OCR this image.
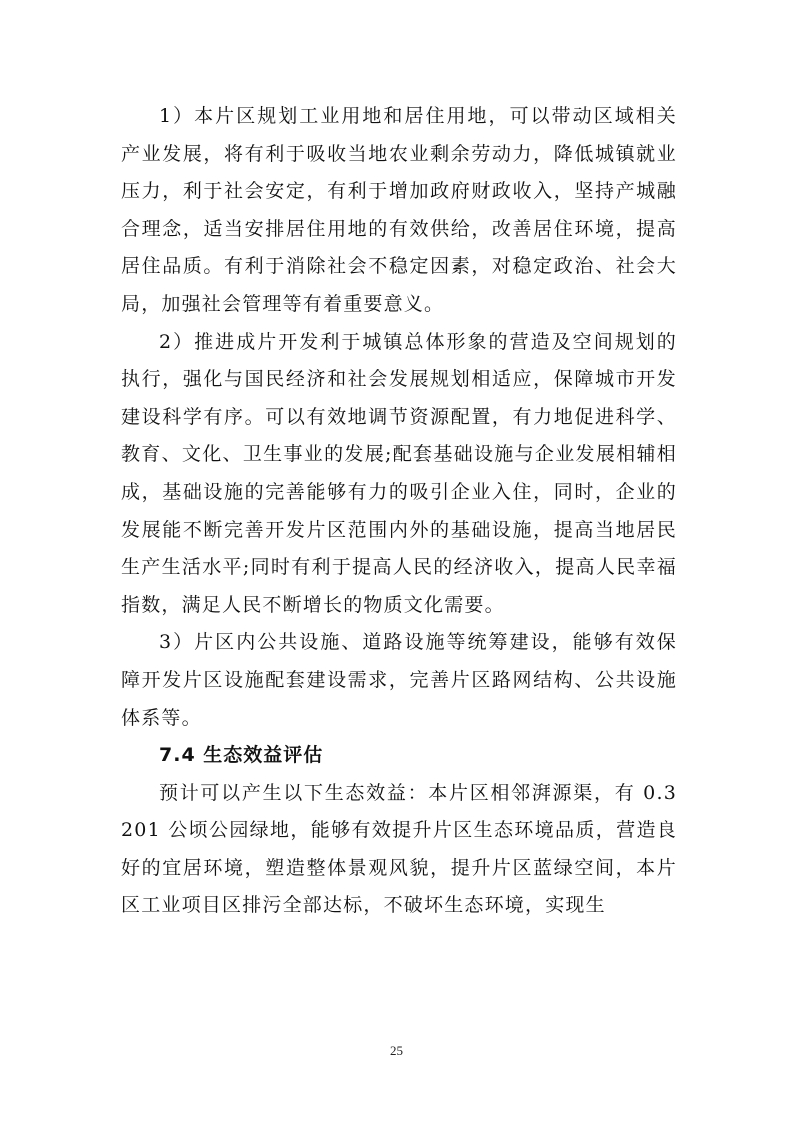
1）本片区规划工业用地和居住用地，可以带动区域相关产业发展，将有利于吸收当地农业剩余劳动力，降低城镇就业压力，利于社会安定，有利于增加政府财政收入，坚持产城融合理念，适当安排居住用地的有效供给，改善居住环境，提高居住品质。有利于消除社会不稳定因素，对稳定政治、社会大局，加强社会管理等有着重要意义。

2）推进成片开发利于城镇总体形象的营造及空间规划的执行，强化与国民经济和社会发展规划相适应，保障城市开发建设科学有序。可以有效地调节资源配置，有力地促进科学、教育、文化、卫生事业的发展;配套基础设施与企业发展相辅相成，基础设施的完善能够有力的吸引企业入住，同时，企业的发展能不断完善开发片区范围内外的基础设施，提高当地居民生产生活水平;同时有利于提高人民的经济收入，提高人民幸福指数，满足人民不断增长的物质文化需要。

3）片区内公共设施、道路设施等统筹建设，能够有效保障开发片区设施配套建设需求，完善片区路网结构、公共设施体系等。

7.4 生态效益评估

预计可以产生以下生态效益：本片区相邻湃源渠，有 0.3201 公顷公园绿地，能够有效提升片区生态环境品质，营造良好的宜居环境，塑造整体景观风貌，提升片区蓝绿空间，本片区工业项目区排污全部达标，不破坏生态环境，实现生

25
